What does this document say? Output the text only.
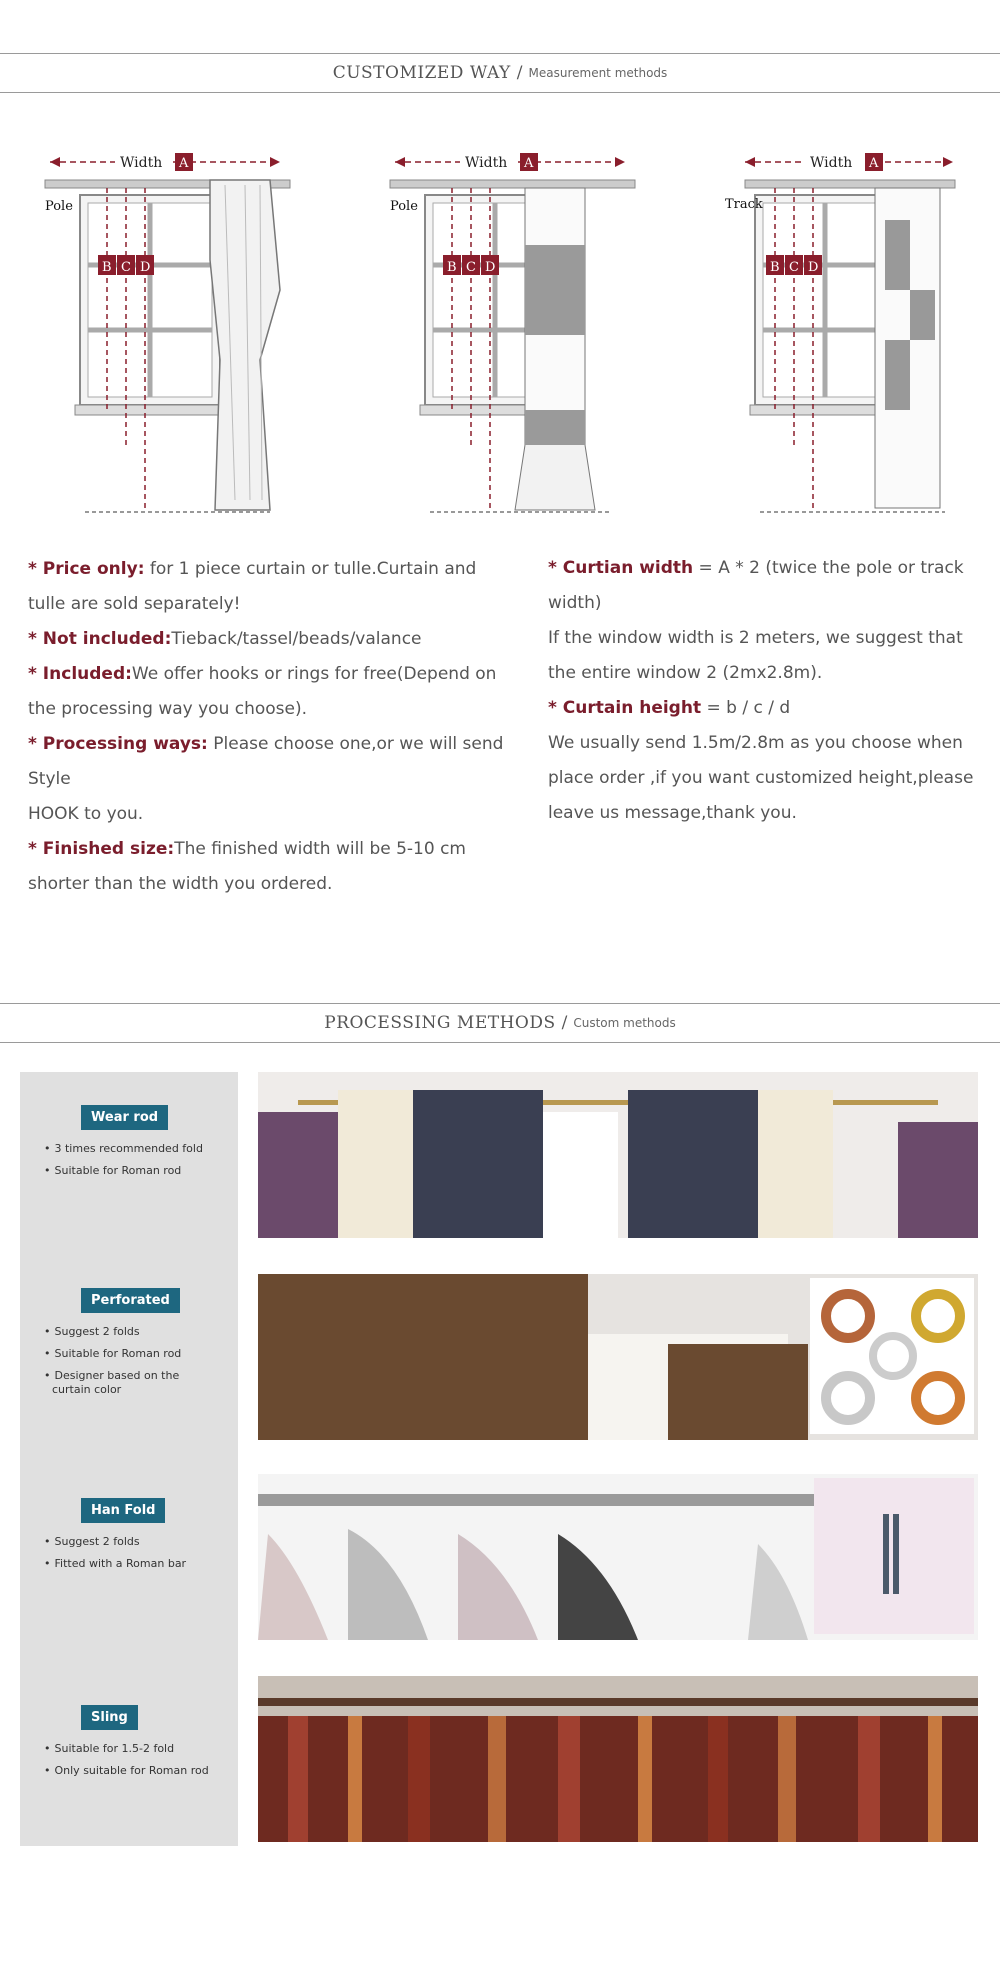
CUSTOMIZED WAY / Measurement methods
Width A
Pole
B C D
Width A
Pole
B C D
Width A
Track
B C D
* Price only: for 1 piece curtain or tulle.Curtain and
tulle are sold separately!
* Not included:Tieback/tassel/beads/valance
* Included:We offer hooks or rings for free(Depend on
the processing way you choose).
* Processing ways: Please choose one,or we will send
Style
HOOK to you.
* Finished size:The finished width will be 5-10 cm
shorter than the width you ordered.
* Curtian width = A * 2 (twice the pole or track
width)
If the window width is 2 meters, we suggest that
the entire window 2 (2mx2.8m).
* Curtain height = b / c / d
We usually send 1.5m/2.8m as you choose when
place order ,if you want customized height,please
leave us message,thank you.
PROCESSING METHODS / Custom methods
Wear rod
• 3 times recommended fold
• Suitable for Roman rod
Perforated
• Suggest 2 folds
• Suitable for Roman rod
• Designer based on the curtain color
Han Fold
• Suggest 2 folds
• Fitted with a Roman bar
Sling
• Suitable for 1.5-2 fold
• Only suitable for Roman rod
